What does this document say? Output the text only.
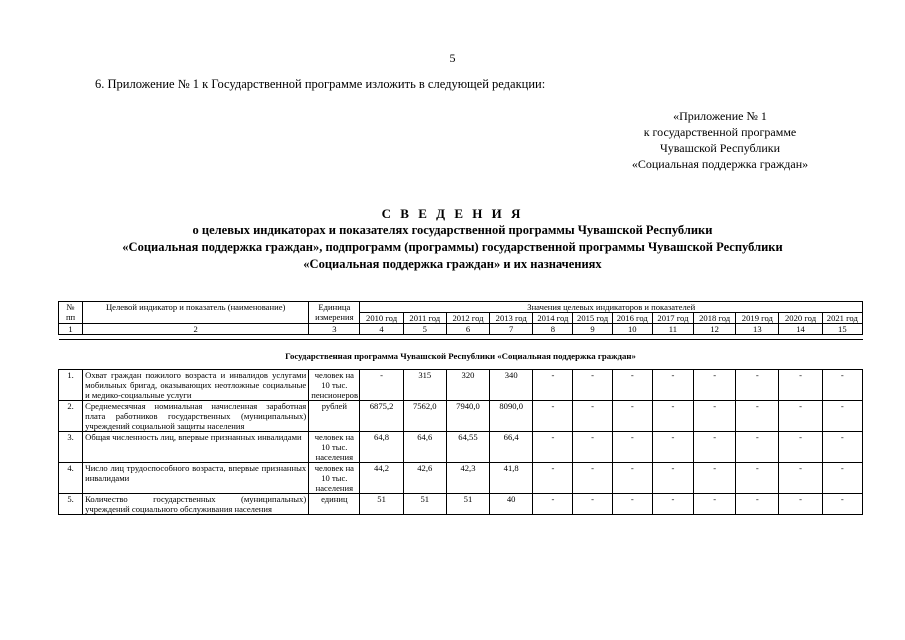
5
6. Приложение № 1 к Государственной программе изложить в следующей редакции:
«Приложение № 1
к государственной программе
Чувашской Республики
«Социальная поддержка граждан»
С В Е Д Е Н И Я
о целевых индикаторах и показателях государственной программы Чувашской Республики
«Социальная поддержка граждан», подпрограмм (программы) государственной программы Чувашской Республики
«Социальная поддержка граждан» и их назначениях
№ пп	Целевой индикатор и показатель (наименование)	Единица измерения	Значения целевых индикаторов и показателей											
			2010 год	2011 год	2012 год	2013 год	2014 год	2015 год	2016 год	2017 год	2018 год	2019 год	2020 год	2021 год
1	2	3	4	5	6	7	8	9	10	11	12	13	14	15

Государственная программа Чувашской Республики «Социальная поддержка граждан»														
1.	Охват граждан пожилого возраста и инвалидов услугами мобильных бригад, оказывающих неотложные социальные и медико-социальные услуги	человек на 10 тыс. пенсионеров	-	315	320	340	-	-	-	-	-	-	-	-
2.	Среднемесячная номинальная начисленная заработная плата работников государственных (муниципальных) учреждений социальной защиты населения	рублей	6875,2	7562,0	7940,0	8090,0	-	-	-	-	-	-	-	-
3.	Общая численность лиц, впервые признанных инвалидами	человек на 10 тыс. населения	64,8	64,6	64,55	66,4	-	-	-	-	-	-	-	-
4.	Число лиц трудоспособного возраста, впервые признанных инвалидами	человек на 10 тыс. населения	44,2	42,6	42,3	41,8	-	-	-	-	-	-	-	-
5.	Количество государственных (муниципальных) учреждений социального обслуживания населения	единиц	51	51	51	40	-	-	-	-	-	-	-	-
